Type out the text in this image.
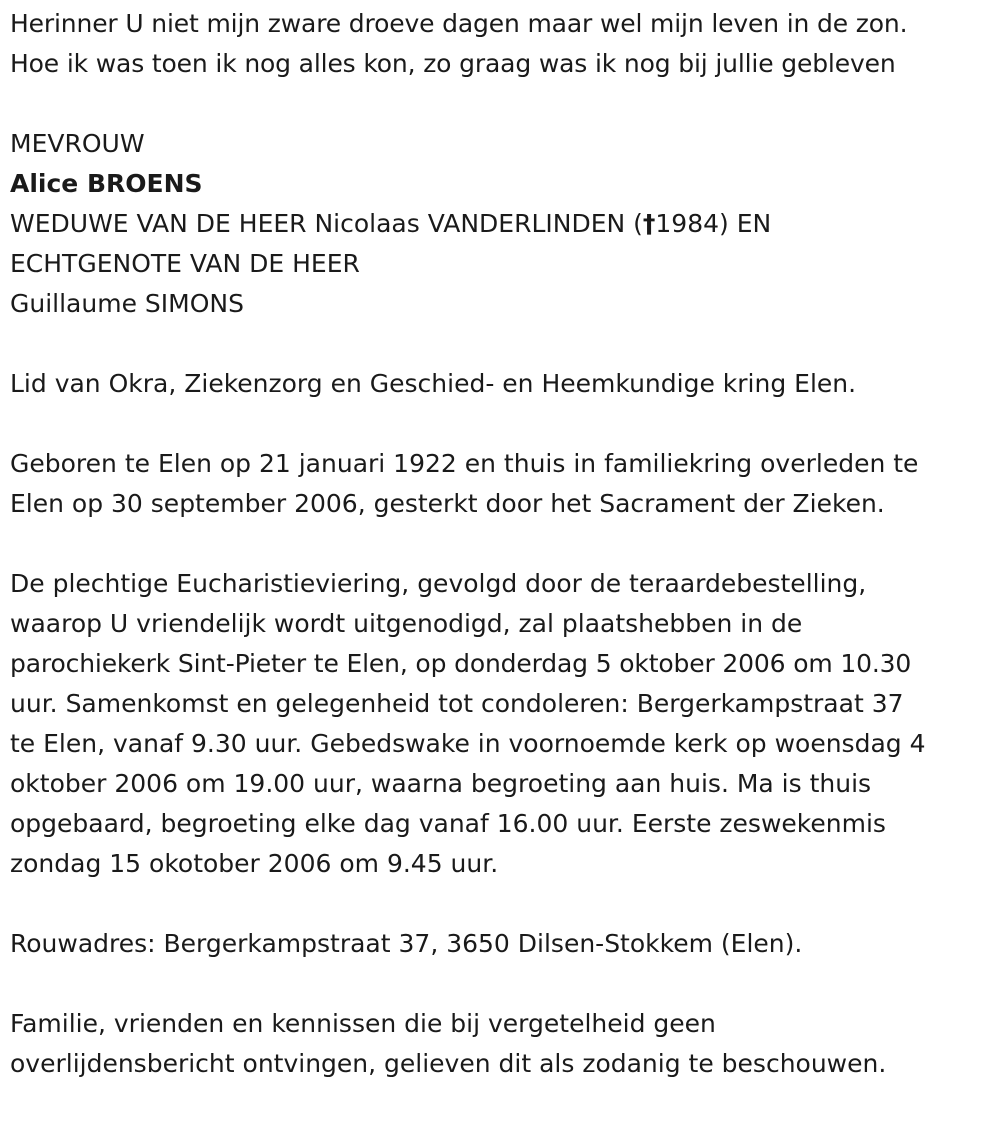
Herinner U niet mijn zware droeve dagen maar wel mijn leven in de zon.
Hoe ik was toen ik nog alles kon, zo graag was ik nog bij jullie gebleven
MEVROUW
Alice BROENS
WEDUWE VAN DE HEER Nicolaas VANDERLINDEN (†1984) EN
ECHTGENOTE VAN DE HEER
Guillaume SIMONS
Lid van Okra, Ziekenzorg en Geschied- en Heemkundige kring Elen.
Geboren te Elen op 21 januari 1922 en thuis in familiekring overleden te
Elen op 30 september 2006, gesterkt door het Sacrament der Zieken.
De plechtige Eucharistieviering, gevolgd door de teraardebestelling,
waarop U vriendelijk wordt uitgenodigd, zal plaatshebben in de
parochiekerk Sint-Pieter te Elen, op donderdag 5 oktober 2006 om 10.30
uur. Samenkomst en gelegenheid tot condoleren: Bergerkampstraat 37
te Elen, vanaf 9.30 uur. Gebedswake in voornoemde kerk op woensdag 4
oktober 2006 om 19.00 uur, waarna begroeting aan huis. Ma is thuis
opgebaard, begroeting elke dag vanaf 16.00 uur. Eerste zeswekenmis
zondag 15 okotober 2006 om 9.45 uur.
Rouwadres: Bergerkampstraat 37, 3650 Dilsen-Stokkem (Elen).
Familie, vrienden en kennissen die bij vergetelheid geen
overlijdensbericht ontvingen, gelieven dit als zodanig te beschouwen.
